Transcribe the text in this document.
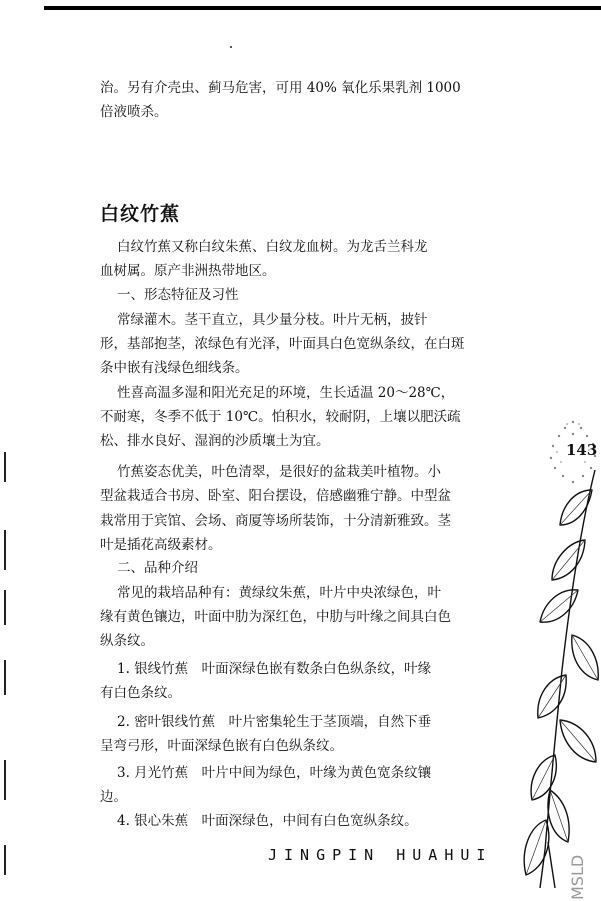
治。另有介壳虫、蓟马危害，可用 40% 氧化乐果乳剂 1000

倍液喷杀。

白纹竹蕉

白纹竹蕉又称白纹朱蕉、白纹龙血树。为龙舌兰科龙

血树属。原产非洲热带地区。

一、形态特征及习性

常绿灌木。茎干直立，具少量分枝。叶片无柄，披针

形，基部抱茎，浓绿色有光泽，叶面具白色宽纵条纹，在白斑

条中嵌有浅绿色细线条。

性喜高温多湿和阳光充足的环境，生长适温 20～28℃，

不耐寒，冬季不低于 10℃。怕积水，较耐阴，上壤以肥沃疏

松、排水良好、湿润的沙质壤土为宜。

竹蕉姿态优美，叶色清翠，是很好的盆栽美叶植物。小

型盆栽适合书房、卧室、阳台摆设，倍感幽雅宁静。中型盆

栽常用于宾馆、会场、商厦等场所装饰，十分清新雅致。茎

叶是插花高级素材。

二、品种介绍

常见的栽培品种有：黄绿纹朱蕉，叶片中央浓绿色，叶

缘有黄色镶边，叶面中肋为深红色，中肋与叶缘之间具白色

纵条纹。

1. 银线竹蕉　叶面深绿色嵌有数条白色纵条纹，叶缘

有白色条纹。

2. 密叶银线竹蕉　叶片密集轮生于茎顶端，自然下垂

呈弯弓形，叶面深绿色嵌有白色纵条纹。

3. 月光竹蕉　叶片中间为绿色，叶缘为黄色宽条纹镶

边。

4. 银心朱蕉　叶面深绿色，中间有白色宽纵条纹。

143
JINGPIN HUAHUI	MSLD
